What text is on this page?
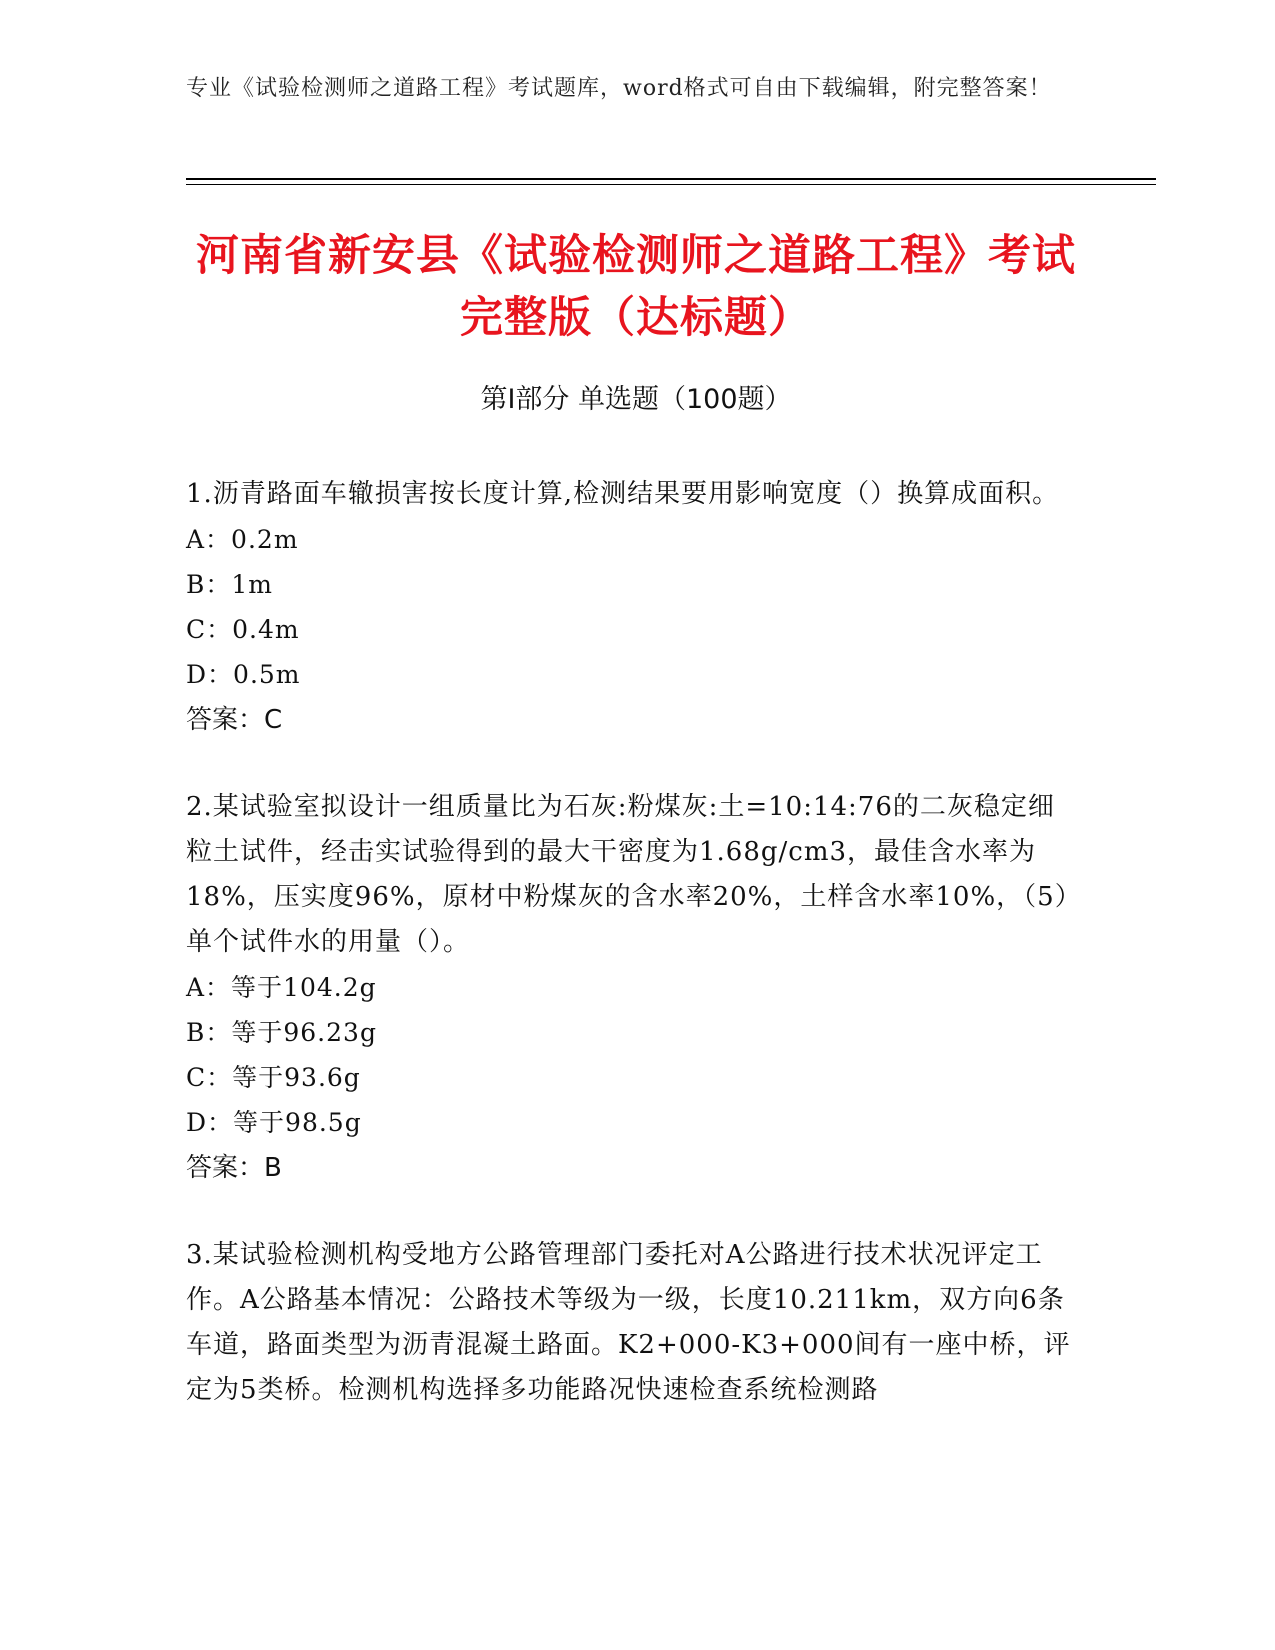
专业《试验检测师之道路工程》考试题库，word格式可自由下载编辑，附完整答案！
河南省新安县《试验检测师之道路工程》考试完整版（达标题）
第I部分 单选题（100题）

1.沥青路面车辙损害按长度计算,检测结果要用影响宽度（）换算成面积。

A：0.2m

B：1m

C：0.4m

D：0.5m

答案：C

2.某试验室拟设计一组质量比为石灰:粉煤灰:土=10:14:76的二灰稳定细粒土试件，经击实试验得到的最大干密度为1.68g/cm3，最佳含水率为18%，压实度96%，原材中粉煤灰的含水率20%，土样含水率10%，（5）单个试件水的用量（）。

A：等于104.2g

B：等于96.23g

C：等于93.6g

D：等于98.5g

答案：B

3.某试验检测机构受地方公路管理部门委托对A公路进行技术状况评定工作。A公路基本情况：公路技术等级为一级，长度10.211km，双方向6条车道，路面类型为沥青混凝土路面。K2+000-K3+000间有一座中桥，评定为5类桥。检测机构选择多功能路况快速检查系统检测路
